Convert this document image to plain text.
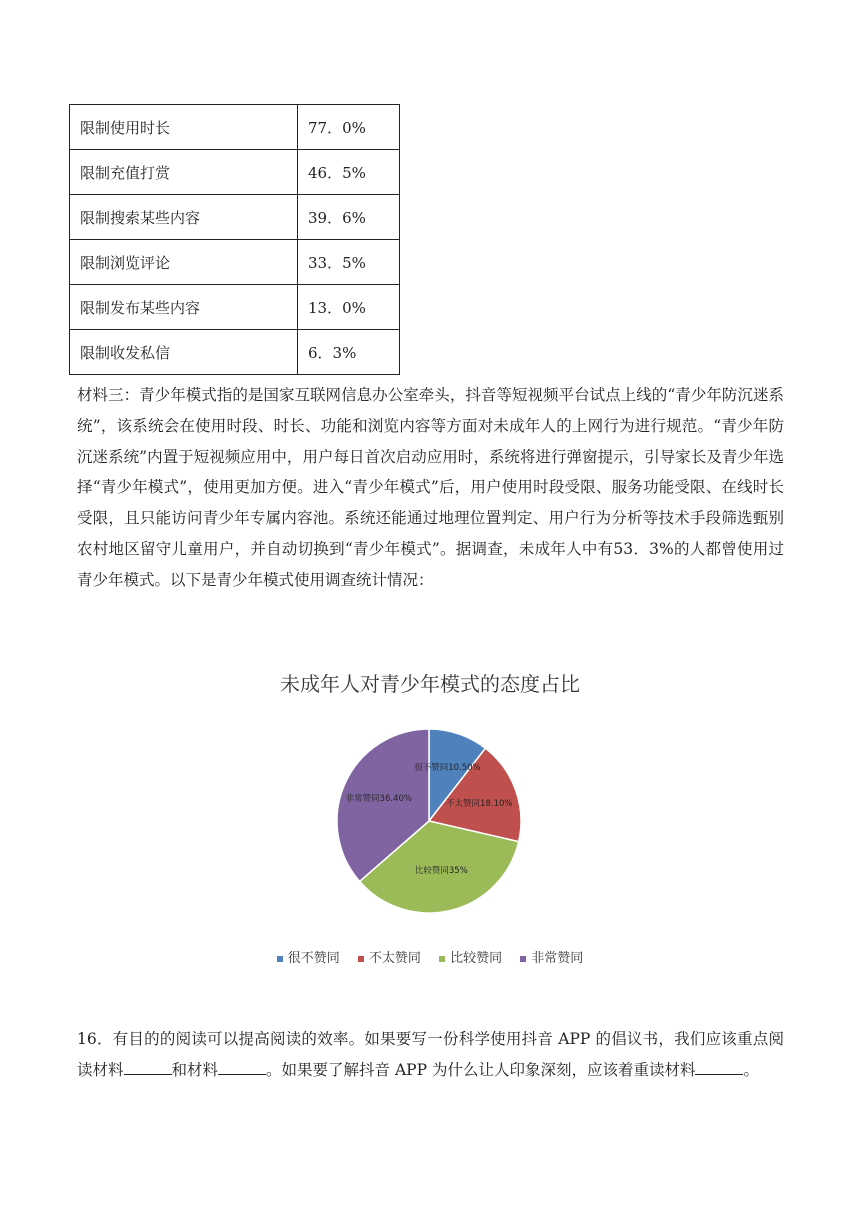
限制使用时长	77．0%
限制充值打赏	46．5%
限制搜索某些内容	39．6%
限制浏览评论	33．5%
限制发布某些内容	13．0%
限制收发私信	6．3%

材料三：青少年模式指的是国家互联网信息办公室牵头，抖音等短视频平台试点上线的“青少年防沉迷系统”，该系统会在使用时段、时长、功能和浏览内容等方面对未成年人的上网行为进行规范。“青少年防沉迷系统”内置于短视频应用中，用户每日首次启动应用时，系统将进行弹窗提示，引导家长及青少年选择“青少年模式”，使用更加方便。进入“青少年模式”后，用户使用时段受限、服务功能受限、在线时长受限，且只能访问青少年专属内容池。系统还能通过地理位置判定、用户行为分析等技术手段筛选甄别农村地区留守儿童用户，并自动切换到“青少年模式”。据调查，未成年人中有53．3%的人都曾使用过青少年模式。以下是青少年模式使用调查统计情况：

未成年人对青少年模式的态度占比
很不赞同10.50%
不太赞同18.10%
比较赞同35%
非常赞同36.40%
很不赞同 不太赞同 比较赞同 非常赞同

16．有目的的阅读可以提高阅读的效率。如果要写一份科学使用抖音 APP 的倡议书，我们应该重点阅读材料	和材料	。如果要了解抖音 APP 为什么让人印象深刻，应该着重读材料	。
